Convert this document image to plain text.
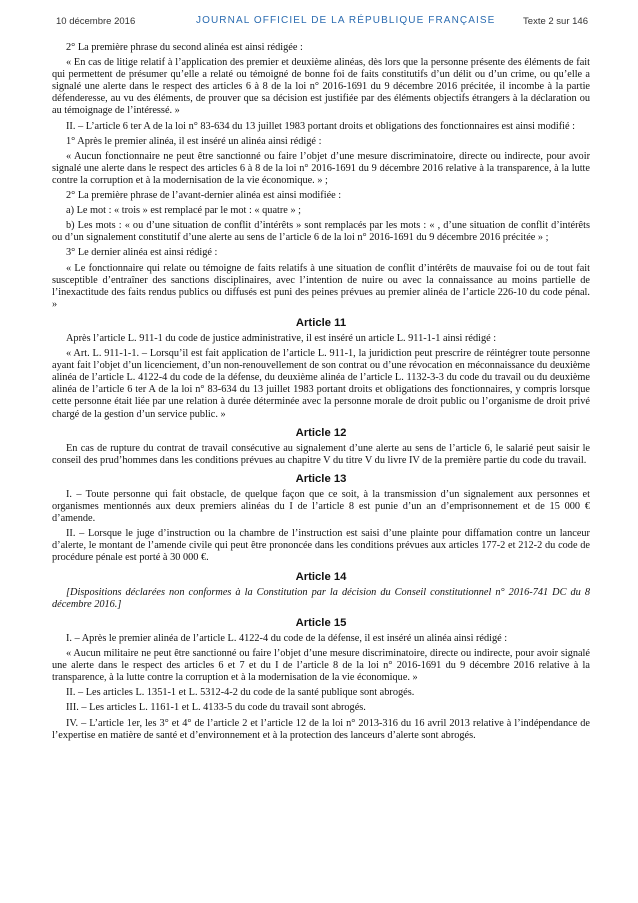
10 décembre 2016	JOURNAL OFFICIEL DE LA RÉPUBLIQUE FRANÇAISE	Texte 2 sur 146

2° La première phrase du second alinéa est ainsi rédigée :

« En cas de litige relatif à l’application des premier et deuxième alinéas, dès lors que la personne présente des éléments de fait qui permettent de présumer qu’elle a relaté ou témoigné de bonne foi de faits constitutifs d’un délit ou d’un crime, ou qu’elle a signalé une alerte dans le respect des articles 6 à 8 de la loi n° 2016-1691 du 9 décembre 2016 précitée, il incombe à la partie défenderesse, au vu des éléments, de prouver que sa décision est justifiée par des éléments objectifs étrangers à la déclaration ou au témoignage de l’intéressé. »

II. – L’article 6 ter A de la loi n° 83-634 du 13 juillet 1983 portant droits et obligations des fonctionnaires est ainsi modifié :

1° Après le premier alinéa, il est inséré un alinéa ainsi rédigé :

« Aucun fonctionnaire ne peut être sanctionné ou faire l’objet d’une mesure discriminatoire, directe ou indirecte, pour avoir signalé une alerte dans le respect des articles 6 à 8 de la loi n° 2016-1691 du 9 décembre 2016 relative à la transparence, à la lutte contre la corruption et à la modernisation de la vie économique. » ;

2° La première phrase de l’avant-dernier alinéa est ainsi modifiée :

a) Le mot : « trois » est remplacé par le mot : « quatre » ;

b) Les mots : « ou d’une situation de conflit d’intérêts » sont remplacés par les mots : « , d’une situation de conflit d’intérêts ou d’un signalement constitutif d’une alerte au sens de l’article 6 de la loi n° 2016-1691 du 9 décembre 2016 précitée » ;

3° Le dernier alinéa est ainsi rédigé :

« Le fonctionnaire qui relate ou témoigne de faits relatifs à une situation de conflit d’intérêts de mauvaise foi ou de tout fait susceptible d’entraîner des sanctions disciplinaires, avec l’intention de nuire ou avec la connaissance au moins partielle de l’inexactitude des faits rendus publics ou diffusés est puni des peines prévues au premier alinéa de l’article 226-10 du code pénal. »

Article 11

Après l’article L. 911-1 du code de justice administrative, il est inséré un article L. 911-1-1 ainsi rédigé :

« Art. L. 911-1-1. – Lorsqu’il est fait application de l’article L. 911-1, la juridiction peut prescrire de réintégrer toute personne ayant fait l’objet d’un licenciement, d’un non-renouvellement de son contrat ou d’une révocation en méconnaissance du deuxième alinéa de l’article L. 4122-4 du code de la défense, du deuxième alinéa de l’article L. 1132-3-3 du code du travail ou du deuxième alinéa de l’article 6 ter A de la loi n° 83-634 du 13 juillet 1983 portant droits et obligations des fonctionnaires, y compris lorsque cette personne était liée par une relation à durée déterminée avec la personne morale de droit public ou l’organisme de droit privé chargé de la gestion d’un service public. »

Article 12

En cas de rupture du contrat de travail consécutive au signalement d’une alerte au sens de l’article 6, le salarié peut saisir le conseil des prud’hommes dans les conditions prévues au chapitre V du titre V du livre IV de la première partie du code du travail.

Article 13

I. – Toute personne qui fait obstacle, de quelque façon que ce soit, à la transmission d’un signalement aux personnes et organismes mentionnés aux deux premiers alinéas du I de l’article 8 est punie d’un an d’emprisonnement et de 15 000 € d’amende.

II. – Lorsque le juge d’instruction ou la chambre de l’instruction est saisi d’une plainte pour diffamation contre un lanceur d’alerte, le montant de l’amende civile qui peut être prononcée dans les conditions prévues aux articles 177-2 et 212-2 du code de procédure pénale est porté à 30 000 €.

Article 14

[Dispositions déclarées non conformes à la Constitution par la décision du Conseil constitutionnel n° 2016-741 DC du 8 décembre 2016.]

Article 15

I. – Après le premier alinéa de l’article L. 4122-4 du code de la défense, il est inséré un alinéa ainsi rédigé :

« Aucun militaire ne peut être sanctionné ou faire l’objet d’une mesure discriminatoire, directe ou indirecte, pour avoir signalé une alerte dans le respect des articles 6 et 7 et du I de l’article 8 de la loi n° 2016-1691 du 9 décembre 2016 relative à la transparence, à la lutte contre la corruption et à la modernisation de la vie économique. »

II. – Les articles L. 1351-1 et L. 5312-4-2 du code de la santé publique sont abrogés.

III. – Les articles L. 1161-1 et L. 4133-5 du code du travail sont abrogés.

IV. – L’article 1er, les 3° et 4° de l’article 2 et l’article 12 de la loi n° 2013-316 du 16 avril 2013 relative à l’indépendance de l’expertise en matière de santé et d’environnement et à la protection des lanceurs d’alerte sont abrogés.
